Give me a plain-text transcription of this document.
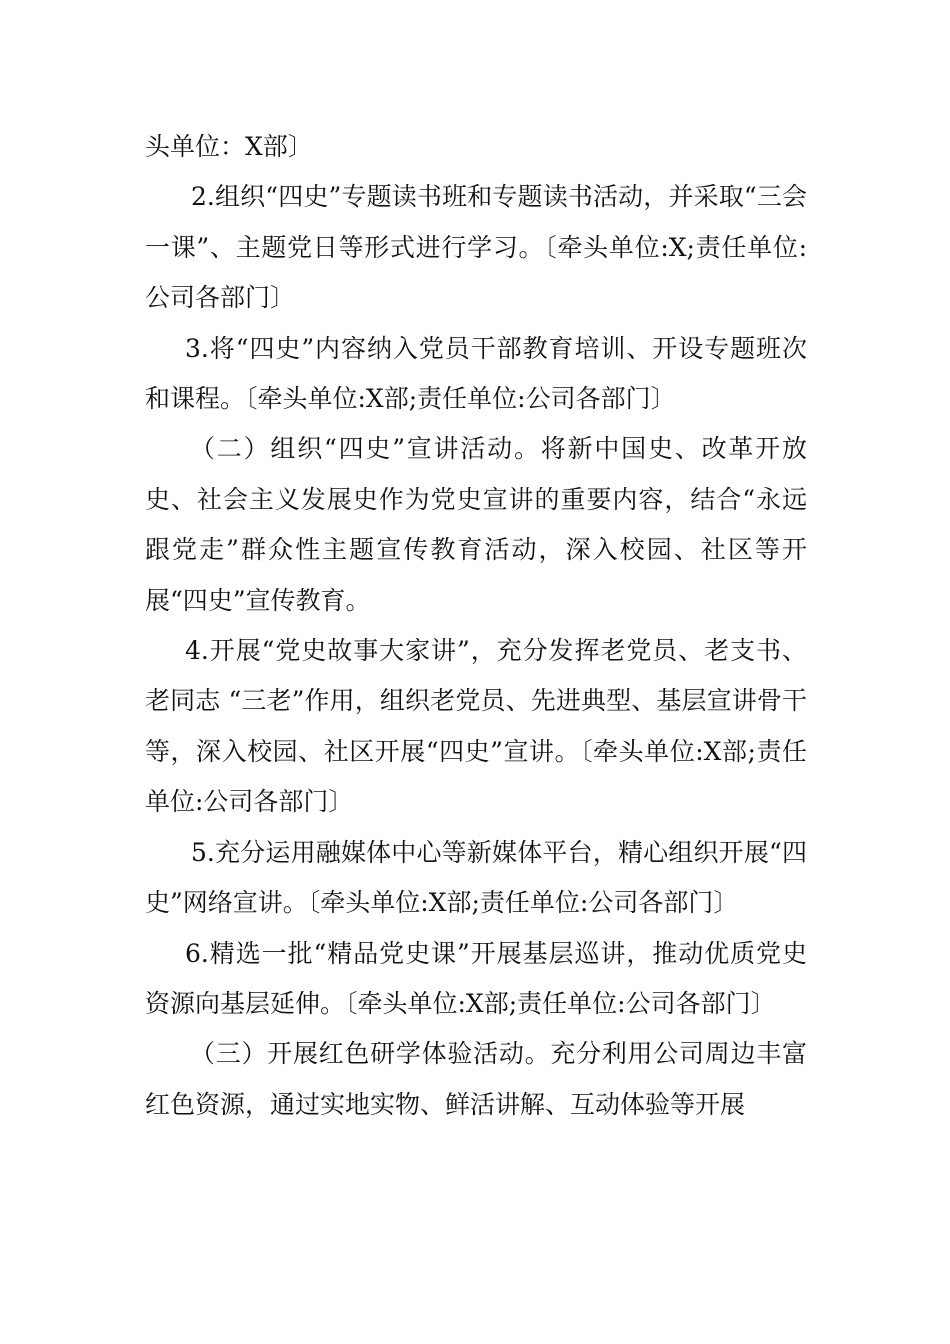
头单位：X部〕

2.组织“四史”专题读书班和专题读书活动，并采取“三会一课”、主题党日等形式进行学习。〔牵头单位:X;责任单位:公司各部门〕

3.将“四史”内容纳入党员干部教育培训、开设专题班次和课程。〔牵头单位:X部;责任单位:公司各部门〕

（二）组织“四史”宣讲活动。将新中国史、改革开放史、社会主义发展史作为党史宣讲的重要内容，结合“永远跟党走”群众性主题宣传教育活动，深入校园、社区等开展“四史”宣传教育。

4.开展“党史故事大家讲”，充分发挥老党员、老支书、老同志 “三老”作用，组织老党员、先进典型、基层宣讲骨干等，深入校园、社区开展“四史”宣讲。〔牵头单位:X部;责任单位:公司各部门〕

5.充分运用融媒体中心等新媒体平台，精心组织开展“四史”网络宣讲。〔牵头单位:X部;责任单位:公司各部门〕

6.精选一批“精品党史课”开展基层巡讲，推动优质党史资源向基层延伸。〔牵头单位:X部;责任单位:公司各部门〕

（三）开展红色研学体验活动。充分利用公司周边丰富红色资源，通过实地实物、鲜活讲解、互动体验等开展
